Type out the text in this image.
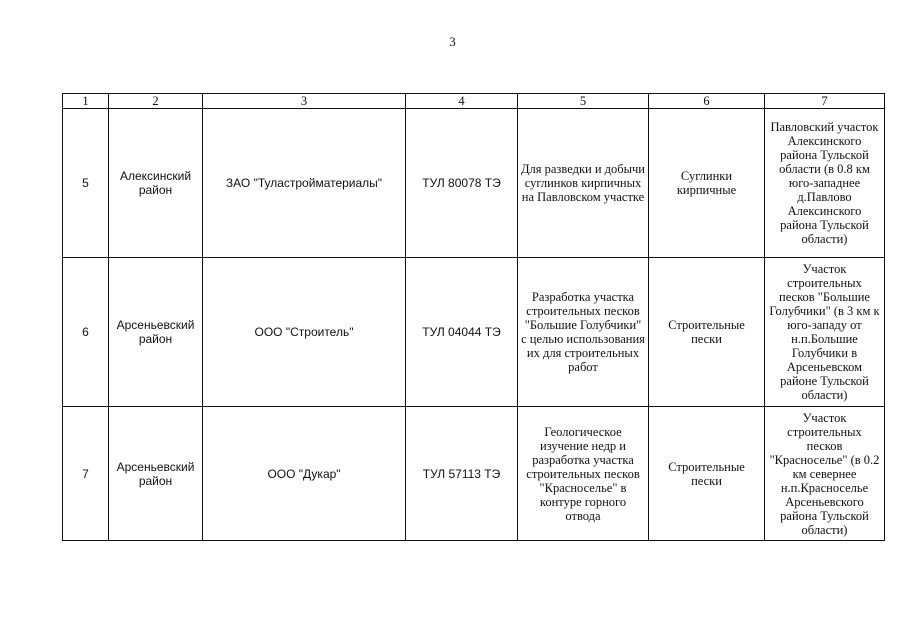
3
1	2	3	4	5	6	7
5	Алексинский район	ЗАО "Туластройматериалы"	ТУЛ 80078 ТЭ	Для разведки и добычи суглинков кирпичных на Павловском участке	Суглинки кирпичные	Павловский участок Алексинского района Тульской области (в 0.8 км юго-западнее д.Павлово Алексинского района Тульской области)
6	Арсеньевский район	ООО "Строитель"	ТУЛ 04044 ТЭ	Разработка участка строительных песков "Большие Голубчики" с целью использования их для строительных работ	Строительные пески	Участок строительных песков "Большие Голубчики" (в 3 км к юго-западу от н.п.Большие Голубчики в Арсеньевском районе Тульской области)
7	Арсеньевский район	ООО "Дукар"	ТУЛ 57113 ТЭ	Геологическое изучение недр и разработка участка строительных песков "Красноселье" в контуре горного отвода	Строительные пески	Участок строительных песков "Красноселье" (в 0.2 км севернее н.п.Красноселье Арсеньевского района Тульской области)
